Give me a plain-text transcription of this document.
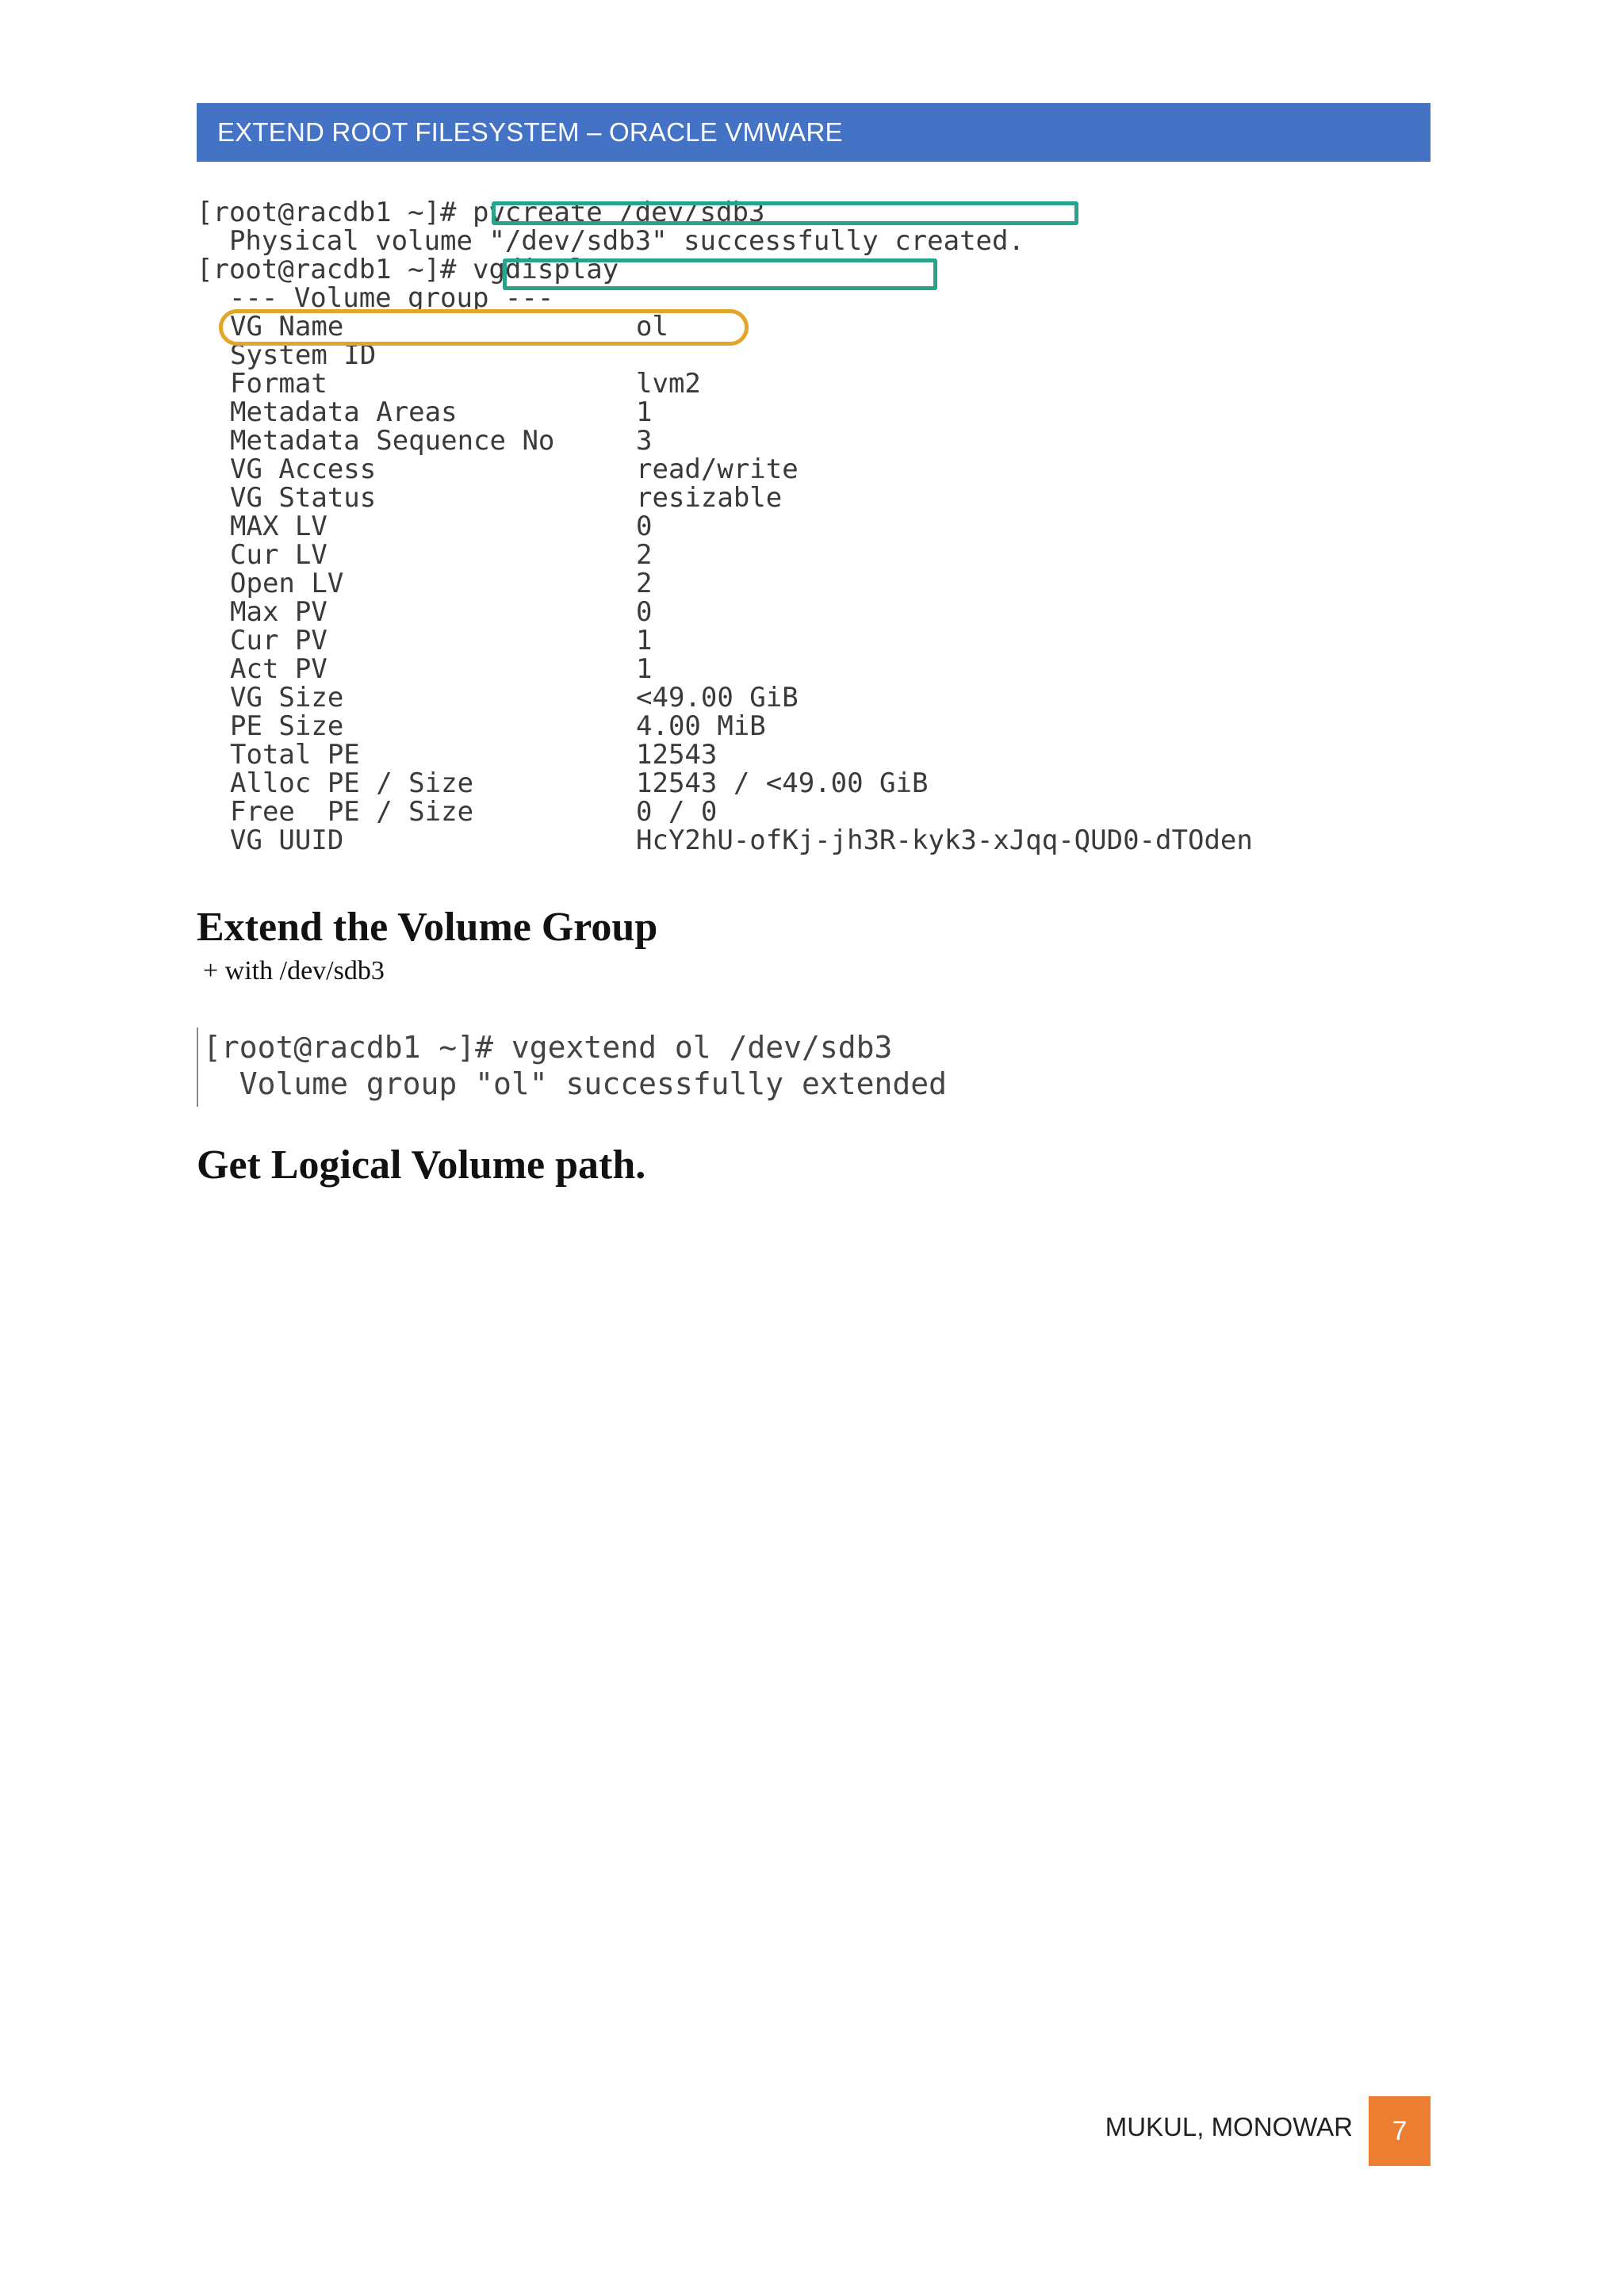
EXTEND ROOT FILESYSTEM – ORACLE VMWARE
[root@racdb1 ~]# pvcreate /dev/sdb3
Physical volume "/dev/sdb3" successfully created.
[root@racdb1 ~]# vgdisplay
--- Volume group ---
VG Name	ol
System ID
Format	lvm2
Metadata Areas	1
Metadata Sequence No	3
VG Access	read/write
VG Status	resizable
MAX LV	0
Cur LV	2
Open LV	2
Max PV	0
Cur PV	1
Act PV	1
VG Size	<49.00 GiB
PE Size	4.00 MiB
Total PE	12543
Alloc PE / Size	12543 / <49.00 GiB
Free  PE / Size	0 / 0
VG UUID	HcY2hU-ofKj-jh3R-kyk3-xJqq-QUD0-dTOden
Extend the Volume Group
+ with /dev/sdb3
[root@racdb1 ~]# vgextend ol /dev/sdb3
Volume group "ol" successfully extended
Get Logical Volume path.
MUKUL, MONOWAR 7
